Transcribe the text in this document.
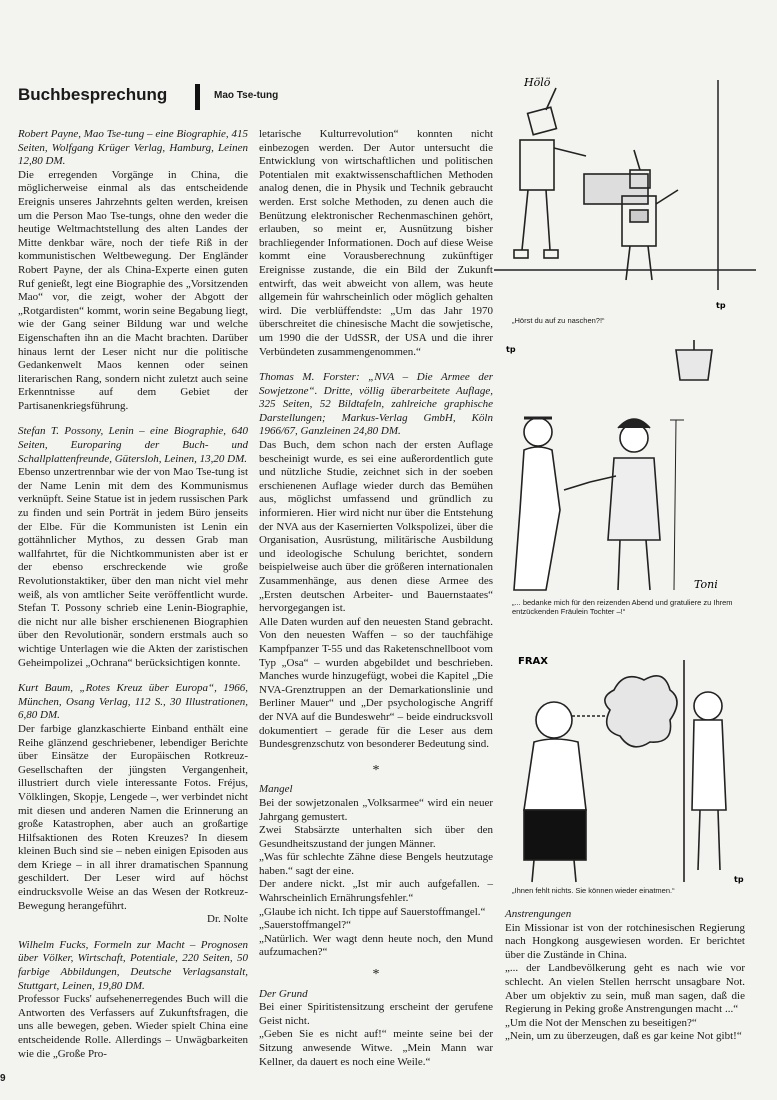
Buchbesprechung	Mao Tse-tung

Robert Payne, Mao Tse-tung – eine Biographie, 415 Seiten, Wolfgang Krüger Verlag, Hamburg, Leinen 12,80 DM.

Die erregenden Vorgänge in China, die möglicherweise einmal als das entscheidende Ereignis unseres Jahrzehnts gelten werden, kreisen um die Person Mao Tse-tungs, ohne den weder die heutige Weltmachtstellung des alten Landes der Mitte denkbar wäre, noch der tiefe Riß in der kommunistischen Weltbewegung. Der Engländer Robert Payne, der als China-Experte einen guten Ruf genießt, legt eine Biographie des „Vorsitzenden Mao“ vor, die zeigt, woher der Abgott der „Rotgardisten“ kommt, worin seine Begabung liegt, wie der Gang seiner Bildung war und welche Eigenschaften ihn an die Macht brachten. Darüber hinaus lernt der Leser nicht nur die politische Gedankenwelt Maos kennen oder seinen literarischen Rang, sondern nicht zuletzt auch seine Erkenntnisse auf dem Gebiet der Partisanenkriegsführung.

Stefan T. Possony, Lenin – eine Biographie, 640 Seiten, Europaring der Buch- und Schallplattenfreunde, Gütersloh, Leinen, 13,20 DM.

Ebenso unzertrennbar wie der von Mao Tse-tung ist der Name Lenin mit dem des Kommunismus verknüpft. Seine Statue ist in jedem russischen Park zu finden und sein Porträt in jedem Büro jenseits der Elbe. Für die Kommunisten ist Lenin ein gottähnlicher Mythos, zu dessen Grab man wallfahrtet, für die Nichtkommunisten aber ist er der ebenso erschreckende wie große Revolutionstaktiker, über den man nicht viel mehr weiß, als von amtlicher Seite veröffentlicht wurde. Stefan T. Possony schrieb eine Lenin-Biographie, die nicht nur alle bisher erschienenen Biographien über den Revolutionär, sondern erstmals auch so wichtige Unterlagen wie die Akten der zaristischen Geheimpolizei „Ochrana“ berücksichtigen konnte.

Kurt Baum, „Rotes Kreuz über Europa“, 1966, München, Osang Verlag, 112 S., 30 Illustrationen, 6,80 DM.

Der farbige glanzkaschierte Einband enthält eine Reihe glänzend geschriebener, lebendiger Berichte über Einsätze der Europäischen Rotkreuz-Gesellschaften der jüngsten Vergangenheit, illustriert durch viele interessante Fotos. Fréjus, Völklingen, Skopje, Lengede –, wer verbindet nicht mit diesen und anderen Namen die Erinnerung an große Katastrophen, aber auch an großartige Hilfsaktionen des Roten Kreuzes? In diesem kleinen Buch sind sie – neben einigen Episoden aus dem Kriege – in all ihrer dramatischen Spannung geschildert. Der Leser wird auf höchst eindrucksvolle Weise an das Wesen der Rotkreuz-Bewegung herangeführt.

Dr. Nolte

Wilhelm Fucks, Formeln zur Macht – Prognosen über Völker, Wirtschaft, Potentiale, 220 Seiten, 50 farbige Abbildungen, Deutsche Verlagsanstalt, Stuttgart, Leinen, 19,80 DM.

Professor Fucks' aufsehenerregendes Buch will die Antworten des Verfassers auf Zukunftsfragen, die uns alle bewegen, geben. Wieder spielt China eine entscheidende Rolle. Allerdings – Unwägbarkeiten wie die „Große Pro-

letarische Kulturrevolution“ konnten nicht einbezogen werden. Der Autor untersucht die Entwicklung von wirtschaftlichen und politischen Potentialen mit exaktwissenschaftlichen Methoden analog denen, die in Physik und Technik gebraucht werden. Erst solche Methoden, zu denen auch die Benützung elektronischer Rechenmaschinen gehört, erlauben, so meint er, Ausnützung bisher brachliegender Informationen. Doch auf diese Weise kommt eine Vorausberechnung zukünftiger Ereignisse zustande, die ein Bild der Zukunft entwirft, das weit abweicht von allem, was heute allgemein für wahrscheinlich oder möglich gehalten wird. Die verblüffendste: „Um das Jahr 1970 überschreitet die chinesische Macht die sowjetische, um 1990 die der UdSSR, der USA und die ihrer Verbündeten zusammengenommen.“

Thomas M. Forster: „NVA – Die Armee der Sowjetzone“. Dritte, völlig überarbeitete Auflage, 325 Seiten, 52 Bildtafeln, zahlreiche graphische Darstellungen; Markus-Verlag GmbH, Köln 1966/67, Ganzleinen 24,80 DM.

Das Buch, dem schon nach der ersten Auflage bescheinigt wurde, es sei eine außerordentlich gute und nützliche Studie, zeichnet sich in der soeben erschienenen Auflage wieder durch das Bemühen aus, möglichst umfassend und gründlich zu informieren. Hier wird nicht nur über die Entstehung der NVA aus der Kasernierten Volkspolizei, über die Organisation, Ausrüstung, militärische Ausbildung und ideologische Schulung berichtet, sondern beispielweise auch über die größeren internationalen Zusammenhänge, aus denen diese Armee des „Ersten deutschen Arbeiter- und Bauernstaates“ hervorgegangen ist.

Alle Daten wurden auf den neuesten Stand gebracht. Von den neuesten Waffen – so der tauchfähige Kampfpanzer T-55 und das Raketenschnellboot vom Typ „Osa“ – wurden abgebildet und beschrieben. Manches wurde hinzugefügt, wobei die Kapitel „Die NVA-Grenztruppen an der Demarkationslinie und Berliner Mauer“ und „Der psychologische Angriff der NVA auf die Bundeswehr“ – beide eindrucksvoll dokumentiert – gerade für die Leser aus dem Bundesgrenzschutz von besonderer Bedeutung sind.

*

Mangel

Bei der sowjetzonalen „Volksarmee“ wird ein neuer Jahrgang gemustert.

Zwei Stabsärzte unterhalten sich über den Gesundheitszustand der jungen Männer.

„Was für schlechte Zähne diese Bengels heutzutage haben.“ sagt der eine.

Der andere nickt. „Ist mir auch aufgefallen. – Wahrscheinlich Ernährungsfehler.“

„Glaube ich nicht. Ich tippe auf Sauerstoffmangel.“

„Sauerstoffmangel?“

„Natürlich. Wer wagt denn heute noch, den Mund aufzumachen?“

*

Der Grund

Bei einer Spiritistensitzung erscheint der gerufene Geist nicht.

„Geben Sie es nicht auf!“ meinte seine bei der Sitzung anwesende Witwe. „Mein Mann war Kellner, da dauert es noch eine Weile.“

Hölö
tp
„Hörst du auf zu naschen?!“
tp
Toni
„... bedanke mich für den reizenden Abend und gratuliere zu Ihrem entzückenden Fräulein Tochter –!“
FRAX
tp
„Ihnen fehlt nichts. Sie können wieder einatmen.“

Anstrengungen

Ein Missionar ist von der rotchinesischen Regierung nach Hongkong ausgewiesen worden. Er berichtet über die Zustände in China.

„... der Landbevölkerung geht es nach wie vor schlecht. An vielen Stellen herrscht unsagbare Not. Aber um objektiv zu sein, muß man sagen, daß die Regierung in Peking große Anstrengungen macht ...“

„Um die Not der Menschen zu beseitigen?“

„Nein, um zu überzeugen, daß es gar keine Not gibt!“

9
